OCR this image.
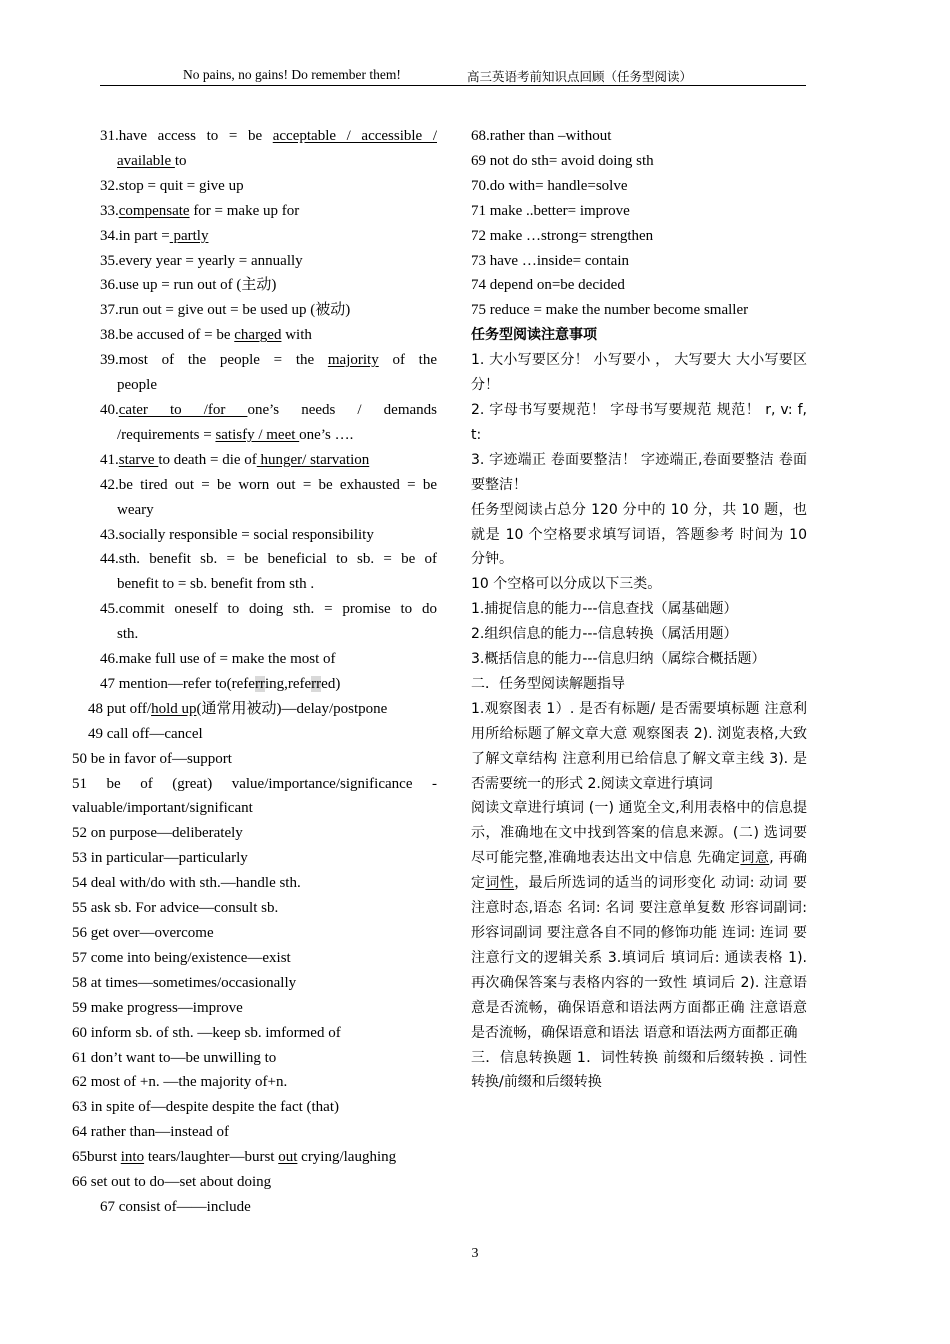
No pains, no gains! Do remember them!	高三英语考前知识点回顾（任务型阅读）

31.have access to = be acceptable / accessible /

available to

32.stop = quit = give up

33.compensate for = make up for

34.in part = partly

35.every year = yearly = annually

36.use up = run out of (主动)

37.run out = give out = be used up (被动)

38.be accused of = be charged with

39.most of the people = the majority of the

people

40.cater to /for one’s needs / demands

/requirements = satisfy / meet one’s ….

41.starve to death = die of hunger/ starvation

42.be tired out = be worn out = be exhausted = be

weary

43.socially responsible = social responsibility

44.sth. benefit sb. = be beneficial to sb. = be of

benefit to = sb. benefit from sth .

45.commit oneself to doing sth. = promise to do

sth.

46.make full use of = make the most of

47 mention—refer to(referring,referred)

48 put off/hold up(通常用被动)—delay/postpone

49 call off—cancel

50 be in favor of—support

51 be of (great) value/importance/significance -

valuable/important/significant

52 on purpose—deliberately

53 in particular—particularly

54 deal with/do with sth.—handle sth.

55 ask sb. For advice—consult sb.

56 get over—overcome

57 come into being/existence—exist

58 at times—sometimes/occasionally

59 make progress—improve

60 inform sb. of sth. —keep sb. imformed of

61 don’t want to—be unwilling to

62 most of +n. —the majority of+n.

63 in spite of—despite despite the fact (that)

64 rather than—instead of

65burst into tears/laughter—burst out crying/laughing

66 set out to do—set about doing

67 consist of——include

68.rather than –without

69 not do sth= avoid doing sth

70.do with= handle=solve

71 make ..better= improve

72 make …strong= strengthen

73 have …inside= contain

74 depend on=be decided

75 reduce = make the number become smaller

任务型阅读注意事项

1. 大小写要区分！ 小写要小 ， 大写要大 大小写要区分！

2. 字母书写要规范！ 字母书写要规范 规范！ r, v: f, t:

3. 字迹端正 卷面要整洁！ 字迹端正,卷面要整洁 卷面要整洁！

任务型阅读占总分 120 分中的 10 分，共 10 题，也就是 10 个空格要求填写词语，答题参考 时间为 10 分钟。

10 个空格可以分成以下三类。

1.捕捉信息的能力---信息查找（属基础题）

2.组织信息的能力---信息转换（属活用题）

3.概括信息的能力---信息归纳（属综合概括题）

二．任务型阅读解题指导

1.观察图表 1）. 是否有标题/ 是否需要填标题 注意利用所给标题了解文章大意 观察图表 2). 浏览表格,大致了解文章结构 注意利用已给信息了解文章主线 3). 是否需要统一的形式 2.阅读文章进行填词

阅读文章进行填词 (一) 通览全文,利用表格中的信息提示，准确地在文中找到答案的信息来源。(二) 选词要尽可能完整,准确地表达出文中信息 先确定词意, 再确定词性，最后所选词的适当的词形变化 动词: 动词 要注意时态,语态 名词: 名词 要注意单复数 形容词副词: 形容词副词 要注意各自不同的修饰功能 连词: 连词 要注意行文的逻辑关系 3.填词后 填词后: 通读表格 1). 再次确保答案与表格内容的一致性 填词后 2). 注意语意是否流畅，确保语意和语法两方面都正确 注意语意是否流畅，确保语意和语法 语意和语法两方面都正确

三．信息转换题 1．词性转换 前缀和后缀转换 . 词性转换/前缀和后缀转换

3
